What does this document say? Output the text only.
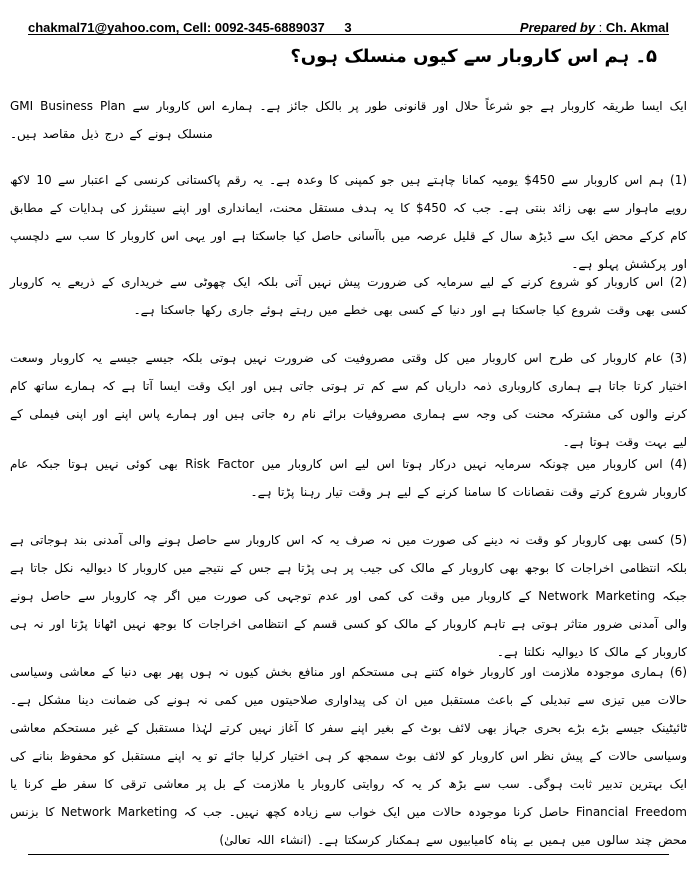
chakmal71@yahoo.com, Cell: 0092-345-6889037 3	Prepared by : Ch. Akmal
۵۔ ہم اس کاروبار سے کیوں منسلک ہوں؟
GMI Business Plan ایک ایسا طریقہ کاروبار ہے جو شرعاً حلال اور قانونی طور پر بالکل جائز ہے۔ ہمارے اس کاروبار سے منسلک ہونے کے درج ذیل مقاصد ہیں۔
(1) ہم اس کاروبار سے 450$ یومیہ کمانا چاہتے ہیں جو کمپنی کا وعدہ ہے۔ یہ رقم پاکستانی کرنسی کے اعتبار سے 10 لاکھ روپے ماہوار سے بھی زائد بنتی ہے۔ جب کہ 450$ کا یہ ہدف مستقل محنت، ایمانداری اور اپنے سینئرز کی ہدایات کے مطابق کام کرکے محض ایک سے ڈیڑھ سال کے قلیل عرصہ میں باآسانی حاصل کیا جاسکتا ہے اور یہی اس کاروبار کا سب سے دلچسپ اور پرکشش پہلو ہے۔
(2) اس کاروبار کو شروع کرنے کے لیے سرمایہ کی ضرورت پیش نہیں آتی بلکہ ایک چھوٹی سے خریداری کے ذریعے یہ کاروبار کسی بھی وقت شروع کیا جاسکتا ہے اور دنیا کے کسی بھی خطے میں رہتے ہوئے جاری رکھا جاسکتا ہے۔
(3) عام کاروبار کی طرح اس کاروبار میں کل وقتی مصروفیت کی ضرورت نہیں ہوتی بلکہ جیسے جیسے یہ کاروبار وسعت اختیار کرتا جاتا ہے ہماری کاروباری ذمہ داریاں کم سے کم تر ہوتی جاتی ہیں اور ایک وقت ایسا آتا ہے کہ ہمارے ساتھ کام کرنے والوں کی مشترکہ محنت کی وجہ سے ہماری مصروفیات برائے نام رہ جاتی ہیں اور ہمارے پاس اپنے اور اپنی فیملی کے لیے بہت وقت ہوتا ہے۔
(4) اس کاروبار میں چونکہ سرمایہ نہیں درکار ہوتا اس لیے اس کاروبار میں Risk Factor بھی کوئی نہیں ہوتا جبکہ عام کاروبار شروع کرتے وقت نقصانات کا سامنا کرنے کے لیے ہر وقت تیار رہنا پڑتا ہے۔
(5) کسی بھی کاروبار کو وقت نہ دینے کی صورت میں نہ صرف یہ کہ اس کاروبار سے حاصل ہونے والی آمدنی بند ہوجاتی ہے بلکہ انتظامی اخراجات کا بوجھ بھی کاروبار کے مالک کی جیب پر ہی پڑتا ہے جس کے نتیجے میں کاروبار کا دیوالیہ نکل جاتا ہے جبکہ Network Marketing کے کاروبار میں وقت کی کمی اور عدم توجہی کی صورت میں اگر چہ کاروبار سے حاصل ہونے والی آمدنی ضرور متاثر ہوتی ہے تاہم کاروبار کے مالک کو کسی قسم کے انتظامی اخراجات کا بوجھ نہیں اٹھانا پڑتا اور نہ ہی کاروبار کے مالک کا دیوالیہ نکلتا ہے۔
(6) ہماری موجودہ ملازمت اور کاروبار خواہ کتنے ہی مستحکم اور منافع بخش کیوں نہ ہوں پھر بھی دنیا کے معاشی وسیاسی حالات میں تیزی سے تبدیلی کے باعث مستقبل میں ان کی پیداواری صلاحیتوں میں کمی نہ ہونے کی ضمانت دینا مشکل ہے۔ ٹائیٹینک جیسے بڑے بڑے بحری جہاز بھی لائف بوٹ کے بغیر اپنے سفر کا آغاز نہیں کرتے لہٰذا مستقبل کے غیر مستحکم معاشی وسیاسی حالات کے پیش نظر اس کاروبار کو لائف بوٹ سمجھ کر ہی اختیار کرلیا جائے تو یہ اپنے مستقبل کو محفوظ بنانے کی ایک بہترین تدبیر ثابت ہوگی۔ سب سے بڑھ کر یہ کہ روایتی کاروبار یا ملازمت کے بل پر معاشی ترقی کا سفر طے کرنا یا Financial Freedom حاصل کرنا موجودہ حالات میں ایک خواب سے زیادہ کچھ نہیں۔ جب کہ Network Marketing کا بزنس محض چند سالوں میں ہمیں بے پناہ کامیابیوں سے ہمکنار کرسکتا ہے۔ (انشاء اللہ تعالیٰ)
